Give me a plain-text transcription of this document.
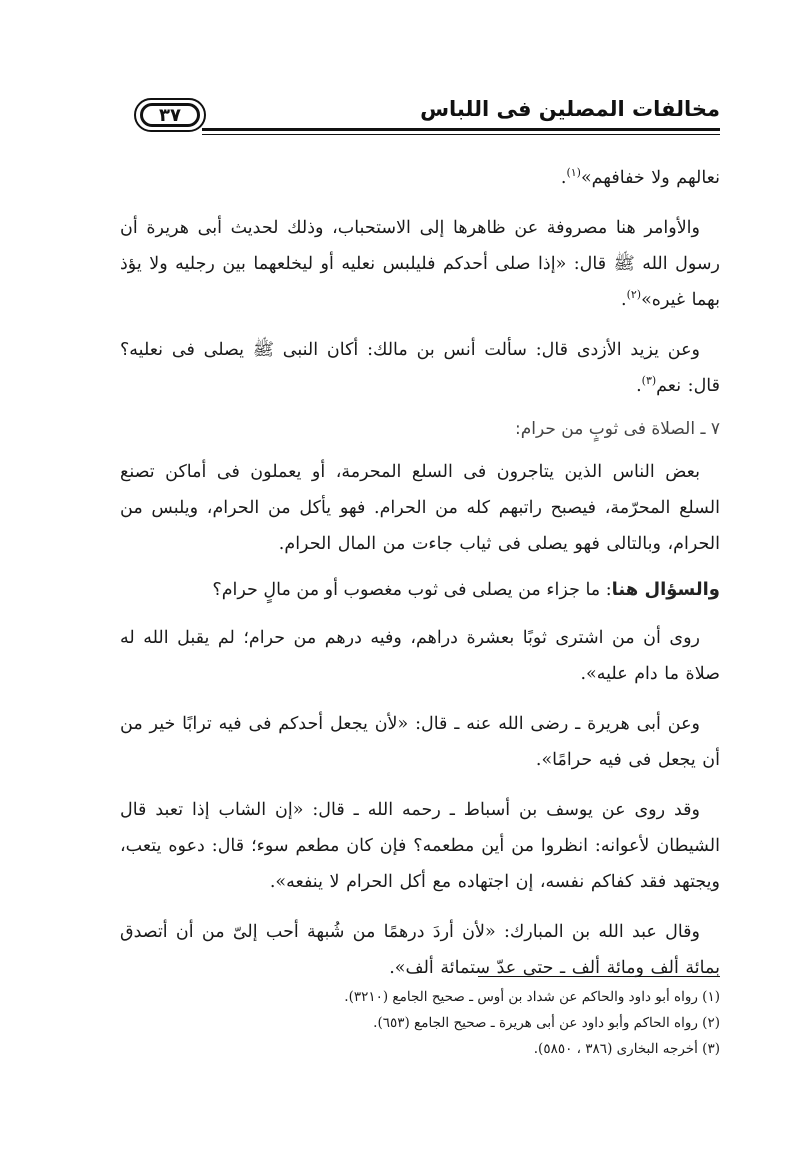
مخالفات المصلين فى اللباس
٣٧

نعالهم ولا خفافهم»$^{(١)}$.

والأوامر هنا مصروفة عن ظاهرها إلى الاستحباب، وذلك لحديث أبى هريرة أن رسول الله ﷺ قال: «إذا صلى أحدكم فليلبس نعليه أو ليخلعهما بين رجليه ولا يؤذ بهما غيره»$^{(٢)}$.

وعن يزيد الأزدى قال: سألت أنس بن مالك: أكان النبى ﷺ يصلى فى نعليه؟ قال: نعم$^{(٣)}$.

٧ ـ الصلاة فى ثوبٍ من حرام:

بعض الناس الذين يتاجرون فى السلع المحرمة، أو يعملون فى أماكن تصنع السلع المحرّمة، فيصبح راتبهم كله من الحرام. فهو يأكل من الحرام، ويلبس من الحرام، وبالتالى فهو يصلى فى ثياب جاءت من المال الحرام.

والسؤال هنا: ما جزاء من يصلى فى ثوب مغصوب أو من مالٍ حرام؟

روى أن من اشترى ثوبًا بعشرة دراهم، وفيه درهم من حرام؛ لم يقبل الله له صلاة ما دام عليه».

وعن أبى هريرة ـ رضى الله عنه ـ قال: «لأن يجعل أحدكم فى فيه ترابًا خير من أن يجعل فى فيه حرامًا».

وقد روى عن يوسف بن أسباط ـ رحمه الله ـ قال: «إن الشاب إذا تعبد قال الشيطان لأعوانه: انظروا من أين مطعمه؟ فإن كان مطعم سوء؛ قال: دعوه يتعب، ويجتهد فقد كفاكم نفسه، إن اجتهاده مع أكل الحرام لا ينفعه».

وقال عبد الله بن المبارك: «لأن أردَ درهمًا من شُبهة أحب إلىّ من أن أتصدق بمائة ألف ومائة ألف ـ حتى عدّ ستمائة ألف».

(١) رواه أبو داود والحاكم عن شداد بن أوس ـ صحيح الجامع (٣٢١٠).

(٢) رواه الحاكم وأبو داود عن أبى هريرة ـ صحيح الجامع (٦٥٣).

(٣) أخرجه البخارى (٣٨٦ ، ٥٨٥٠).
